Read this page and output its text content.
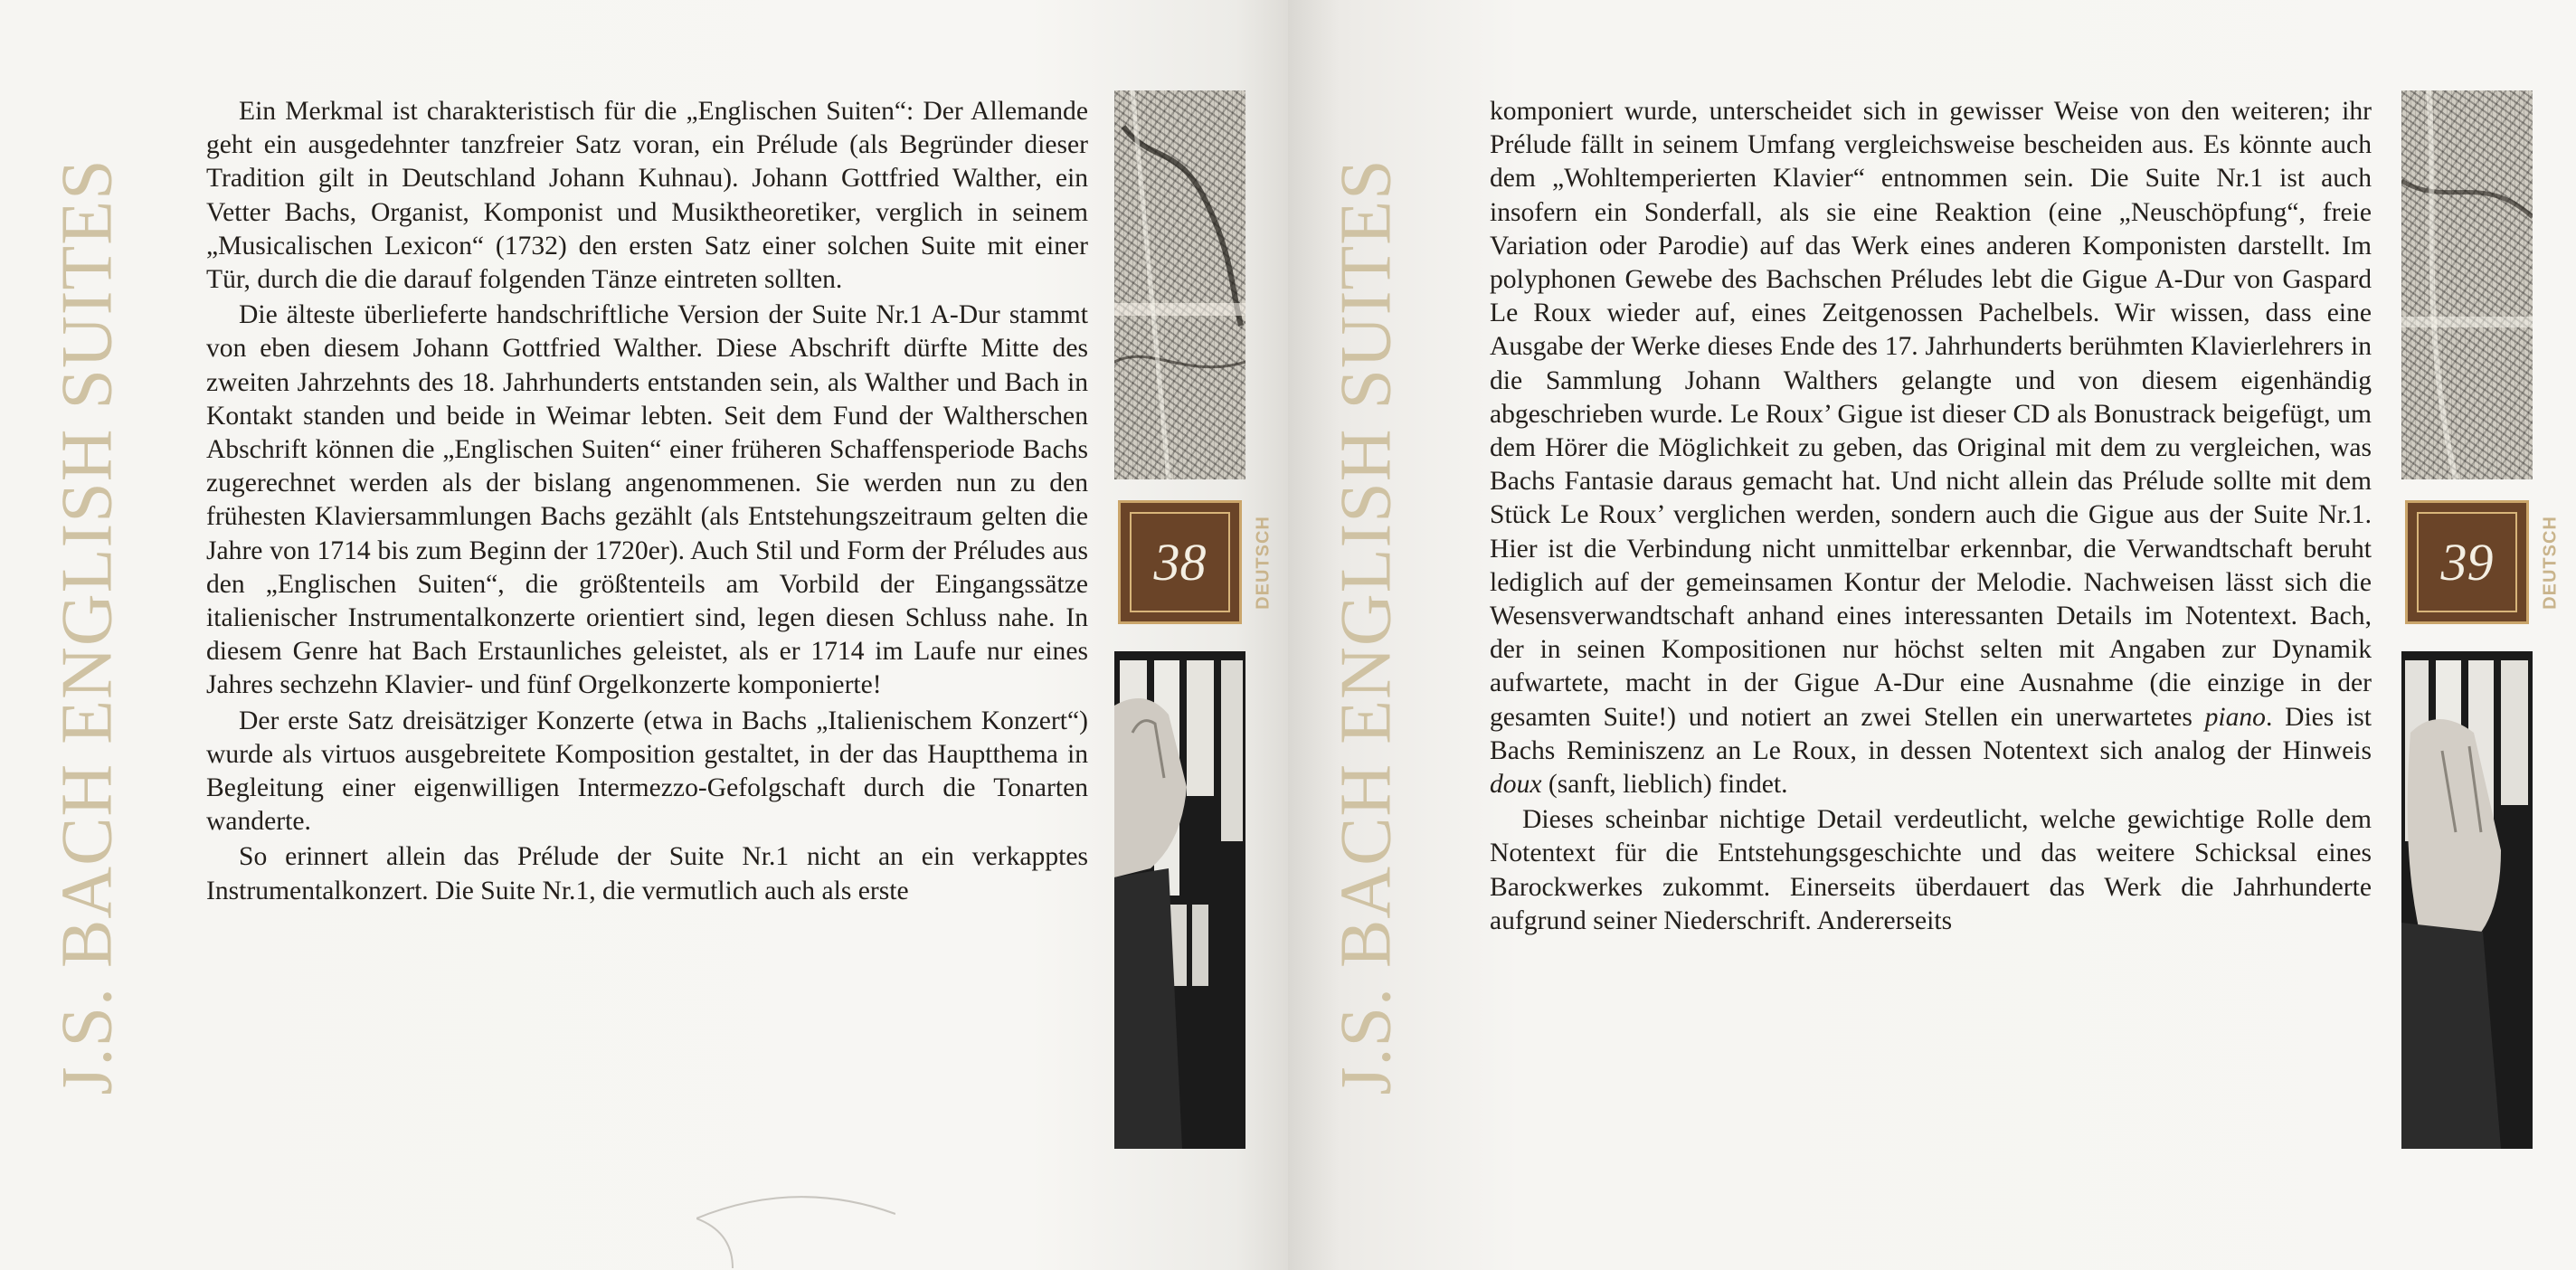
J.S. BACH ENGLISH SUITES

Ein Merkmal ist charakteristisch für die „Englischen Suiten“: Der Allemande geht ein ausgedehnter tanzfreier Satz voran, ein Prélude (als Begründer dieser Tradition gilt in Deutschland Johann Kuhnau). Johann Gottfried Walther, ein Vetter Bachs, Organist, Komponist und Musiktheoretiker, verglich in seinem „Musicalischen Lexicon“ (1732) den ersten Satz einer solchen Suite mit einer Tür, durch die die darauf folgenden Tänze eintreten sollten.

Die älteste überlieferte handschriftliche Version der Suite Nr.1 A-Dur stammt von eben diesem Johann Gottfried Walther. Diese Abschrift dürfte Mitte des zweiten Jahrzehnts des 18. Jahrhunderts entstanden sein, als Walther und Bach in Kontakt standen und beide in Weimar lebten. Seit dem Fund der Waltherschen Abschrift können die „Englischen Suiten“ einer früheren Schaffensperiode Bachs zugerechnet werden als der bislang angenommenen. Sie werden nun zu den frühesten Klaviersammlungen Bachs gezählt (als Entstehungszeitraum gelten die Jahre von 1714 bis zum Beginn der 1720er). Auch Stil und Form der Préludes aus den „Englischen Suiten“, die größtenteils am Vorbild der Eingangssätze italienischer Instrumentalkonzerte orientiert sind, legen diesen Schluss nahe. In diesem Genre hat Bach Erstaunliches geleistet, als er 1714 im Laufe nur eines Jahres sechzehn Klavier- und fünf Orgelkonzerte komponierte!

Der erste Satz dreisätziger Konzerte (etwa in Bachs „Italienischem Konzert“) wurde als virtuos ausgebreitete Komposition gestaltet, in der das Hauptthema in Begleitung einer eigenwilligen Intermezzo-Gefolgschaft durch die Tonarten wanderte.

So erinnert allein das Prélude der Suite Nr.1 nicht an ein verkapptes Instrumentalkonzert. Die Suite Nr.1, die vermutlich auch als erste

38	DEUTSCH J.S. BACH ENGLISH SUITES

komponiert wurde, unterscheidet sich in gewisser Weise von den weiteren; ihr Prélude fällt in seinem Umfang vergleichsweise bescheiden aus. Es könnte auch dem „Wohltemperierten Klavier“ entnommen sein. Die Suite Nr.1 ist auch insofern ein Sonderfall, als sie eine Reaktion (eine „Neuschöpfung“, freie Variation oder Parodie) auf das Werk eines anderen Komponisten darstellt. Im polyphonen Gewebe des Bachschen Préludes lebt die Gigue A-Dur von Gaspard Le Roux wieder auf, eines Zeitgenossen Pachelbels. Wir wissen, dass eine Ausgabe der Werke dieses Ende des 17. Jahrhunderts berühmten Klavierlehrers in die Sammlung Johann Walthers gelangte und von diesem eigenhändig abgeschrieben wurde. Le Roux’ Gigue ist dieser CD als Bonustrack beigefügt, um dem Hörer die Möglichkeit zu geben, das Original mit dem zu vergleichen, was Bachs Fantasie daraus gemacht hat. Und nicht allein das Prélude sollte mit dem Stück Le Roux’ verglichen werden, sondern auch die Gigue aus der Suite Nr.1. Hier ist die Verbindung nicht unmittelbar erkennbar, die Verwandtschaft beruht lediglich auf der gemeinsamen Kontur der Melodie. Nachweisen lässt sich die Wesensverwandtschaft anhand eines interessanten Details im Notentext. Bach, der in seinen Kompositionen nur höchst selten mit Angaben zur Dynamik aufwartete, macht in der Gigue A-Dur eine Ausnahme (die einzige in der gesamten Suite!) und notiert an zwei Stellen ein unerwartetes piano. Dies ist Bachs Reminiszenz an Le Roux, in dessen Notentext sich analog der Hinweis doux (sanft, lieblich) findet.

Dieses scheinbar nichtige Detail verdeutlicht, welche gewichtige Rolle dem Notentext für die Entstehungsgeschichte und das weitere Schicksal eines Barockwerkes zukommt. Einerseits überdauert das Werk die Jahrhunderte aufgrund seiner Niederschrift. Andererseits

39	DEUTSCH
